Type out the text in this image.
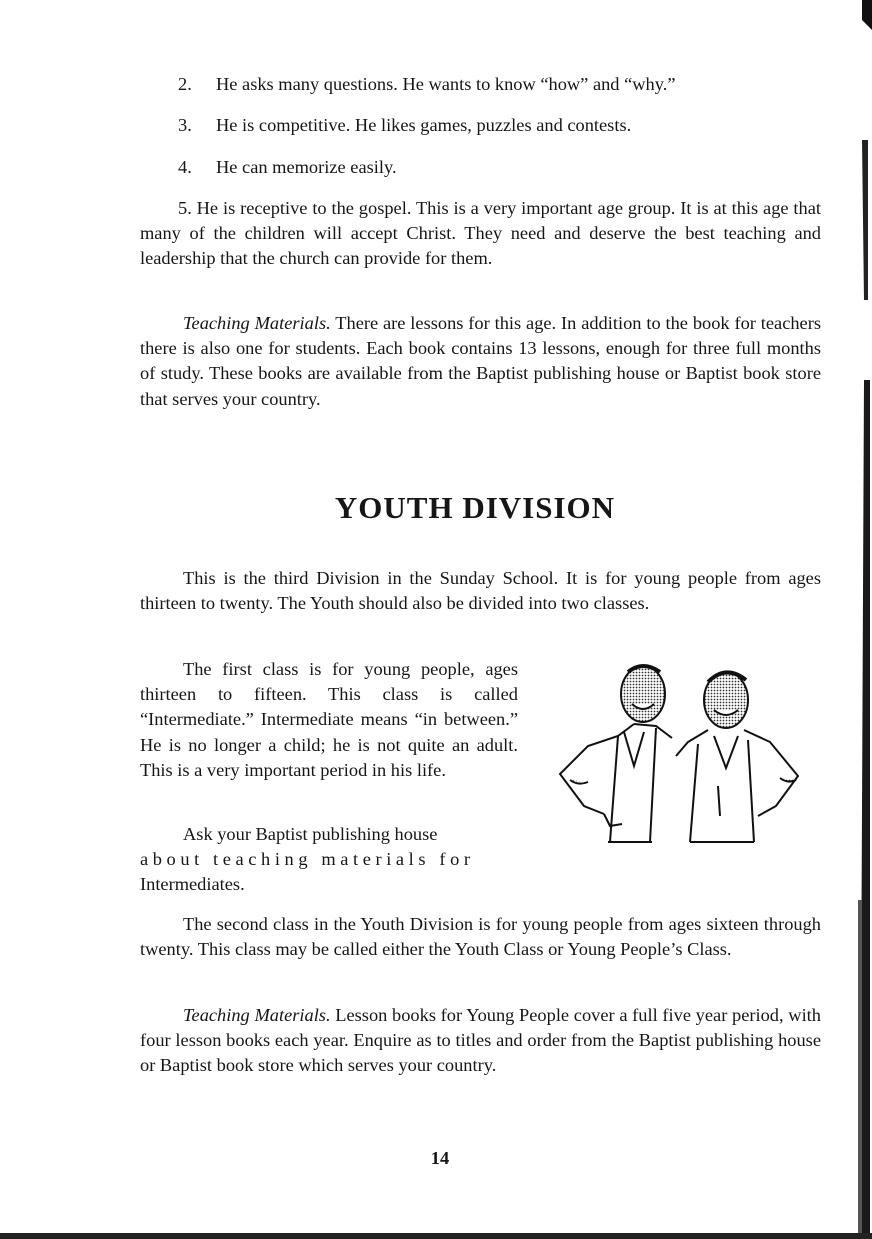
2. He asks many questions. He wants to know “how” and “why.”

3. He is competitive. He likes games, puzzles and contests.

4. He can memorize easily.

5. He is receptive to the gospel. This is a very important age group. It is at this age that many of the children will accept Christ. They need and deserve the best teaching and leadership that the church can provide for them.

Teaching Materials. There are lessons for this age. In addition to the book for teachers there is also one for students. Each book contains 13 lessons, enough for three full months of study. These books are available from the Baptist publishing house or Baptist book store that serves your country.

YOUTH DIVISION

This is the third Division in the Sunday School. It is for young people from ages thirteen to twenty. The Youth should also be divided into two classes.

The first class is for young people, ages thirteen to fifteen. This class is called “Intermediate.” Intermediate means “in between.” He is no longer a child; he is not quite an adult. This is a very important period in his life.

Ask your Baptist publishing house
about teaching materials for
Intermediates.

The second class in the Youth Division is for young people from ages sixteen through twenty. This class may be called either the Youth Class or Young People’s Class.

Teaching Materials. Lesson books for Young People cover a full five year period, with four lesson books each year. Enquire as to titles and order from the Baptist publishing house or Baptist book store which serves your country.

14
